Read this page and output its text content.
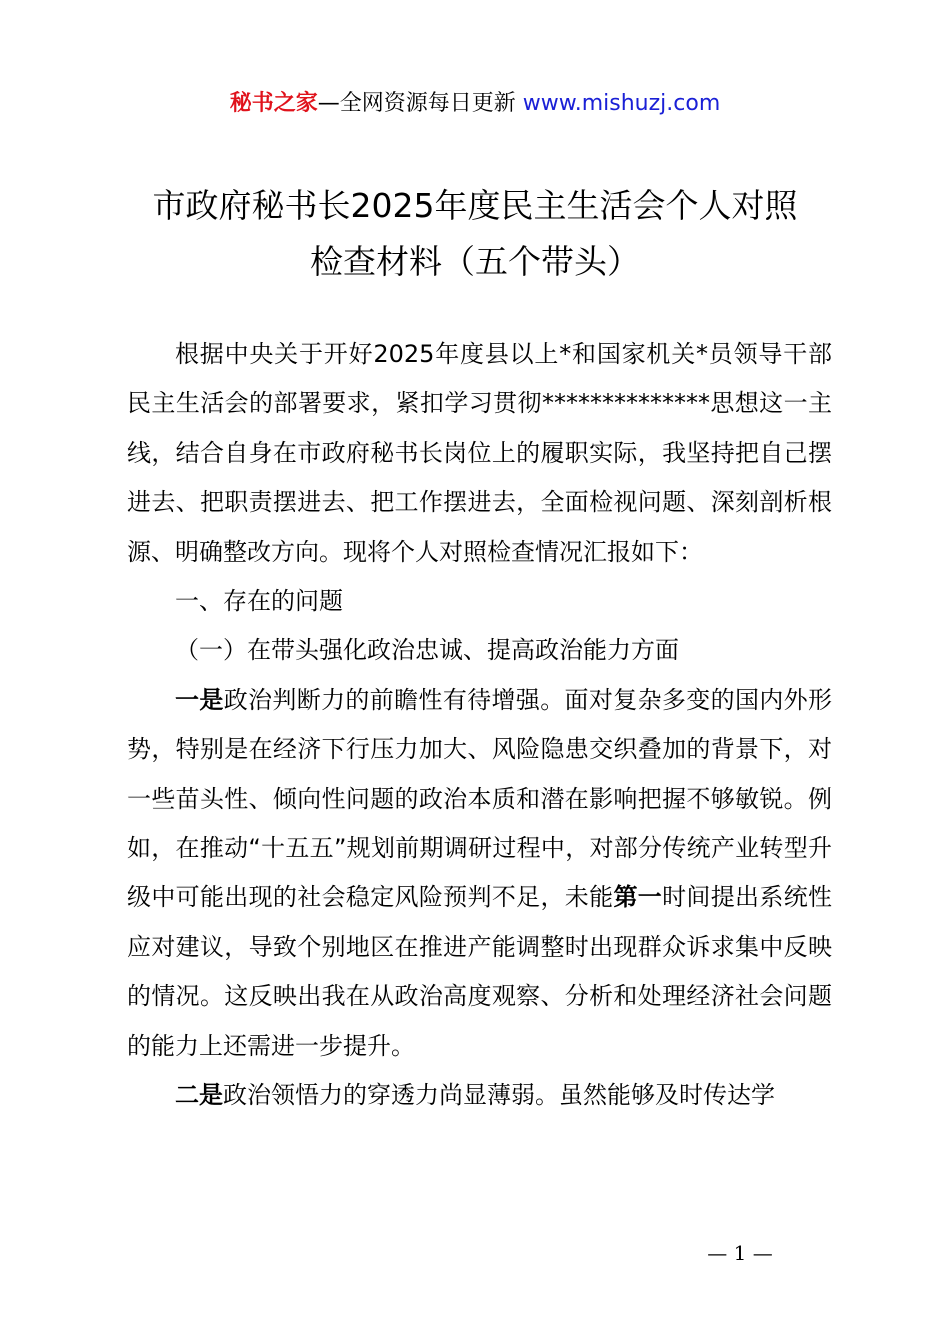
秘书之家—全网资源每日更新 www.mishuzj.com
市政府秘书长2025年度民主生活会个人对照
检查材料（五个带头）

根据中央关于开好2025年度县以上*和国家机关*员领导干部民主生活会的部署要求，紧扣学习贯彻**************思想这一主线，结合自身在市政府秘书长岗位上的履职实际，我坚持把自己摆进去、把职责摆进去、把工作摆进去，全面检视问题、深刻剖析根源、明确整改方向。现将个人对照检查情况汇报如下：

一、存在的问题

（一）在带头强化政治忠诚、提高政治能力方面

一是政治判断力的前瞻性有待增强。面对复杂多变的国内外形势，特别是在经济下行压力加大、风险隐患交织叠加的背景下，对一些苗头性、倾向性问题的政治本质和潜在影响把握不够敏锐。例如，在推动“十五五”规划前期调研过程中，对部分传统产业转型升级中可能出现的社会稳定风险预判不足，未能第一时间提出系统性应对建议，导致个别地区在推进产能调整时出现群众诉求集中反映的情况。这反映出我在从政治高度观察、分析和处理经济社会问题的能力上还需进一步提升。

二是政治领悟力的穿透力尚显薄弱。虽然能够及时传达学

— 1 —
